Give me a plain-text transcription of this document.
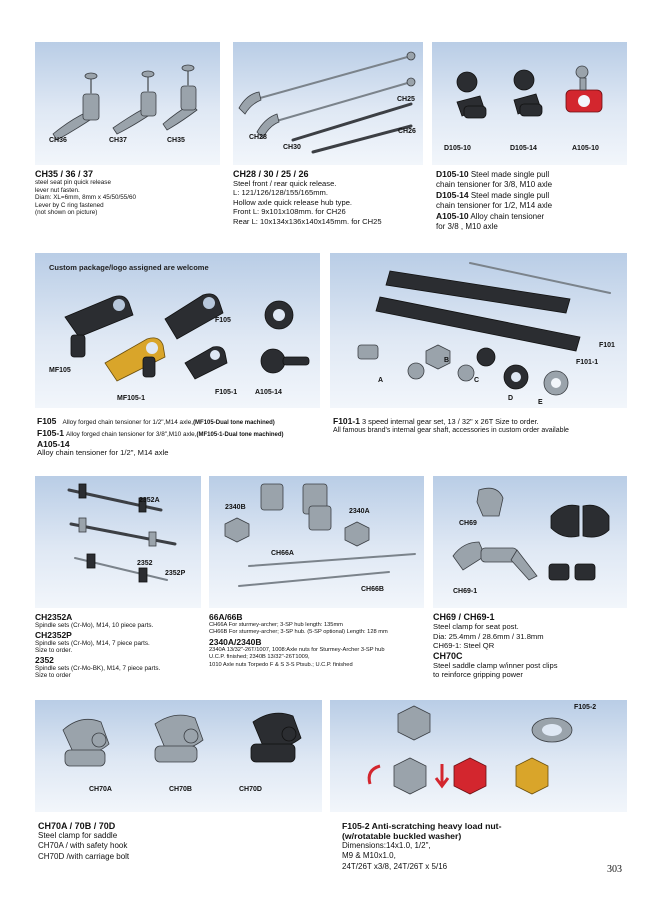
CH36	CH37	CH35
CH35 / 36 / 37
steel seat pin quick release
lever nut fasten.
Diam: XL=6mm, 8mm x 45/50/55/60
Lever by C ring fastened
(not shown on picture)
CH25
CH26
CH28
CH30
CH28 / 30 / 25 / 26
Steel front / rear quick release.
L: 121/126/128/155/165mm.
Hollow axle quick release hub type.
Front L: 9x101x108mm. for CH26
Rear L: 10x134x136x140x145mm. for CH25
D105-10	D105-14	A105-10
D105-10 Steel made single pull
chain tensioner for 3/8, M10 axle
D105-14 Steel made single pull
chain tensioner for 1/2, M14 axle
A105-10 Alloy chain tensioner
for 3/8 , M10 axle
Custom package/logo assigned are welcome
F105
MF105
MF105-1
F105-1	A105-14
F105 Alloy forged chain tensioner for 1/2",M14 axle,(MF105-Dual tone machined)
F105-1 Alloy forged chain tensioner for 3/8",M10 axle,(MF105-1-Dual tone machined)
A105-14
Alloy chain tensioner for 1/2", M14 axle
F101
F101-1
A
B
C
D
E
F101-1 3 speed internal gear set, 13 / 32" x 26T Size to order.
All famous brand's internal gear shaft, accessories in custom order available
2352A
2352P
2352
CH2352A
Spindle sets (Cr-Mo), M14, 10 piece parts.
CH2352P
Spindle sets (Cr-Mo), M14, 7 piece parts.
Size to order.
2352
Spindle sets (Cr-Mo-BK), M14, 7 piece parts.
Size to order
2340B
2340A
CH66A
CH66B
66A/66B
CH66A For sturmey-archer; 3-SP hub length: 135mm
CH66B For sturmey-archer; 3-SP hub. (5-SP optional) Length: 128 mm
2340A/2340B
2340A 13/32"-26T/1007, 1008:Axle nuts for Sturmey-Archer 3-SP hub
U.C.P. finished; 2340B 13/32"-26T1009,
1010 Axle nuts Torpedo F & S 3-S Ptsub.; U.C.P. finished
CH69
CH69-1
CH69 / CH69-1
Steel clamp for seat post.
Dia: 25.4mm / 28.6mm / 31.8mm
CH69-1: Steel QR
CH70C
Steel saddle clamp w/inner post clips
to reinforce gripping power
CH70A	CH70B	CH70D
CH70A / 70B / 70D
Steel clamp for saddle
CH70A / with safety hook
CH70D /with carriage bolt
F105-2
F105-2 Anti-scratching heavy load nut-
(w/rotatable buckled washer)
Dimensions:14x1.0, 1/2",
M9 & M10x1.0,
24T/26T x3/8, 24T/26T x 5/16	303
